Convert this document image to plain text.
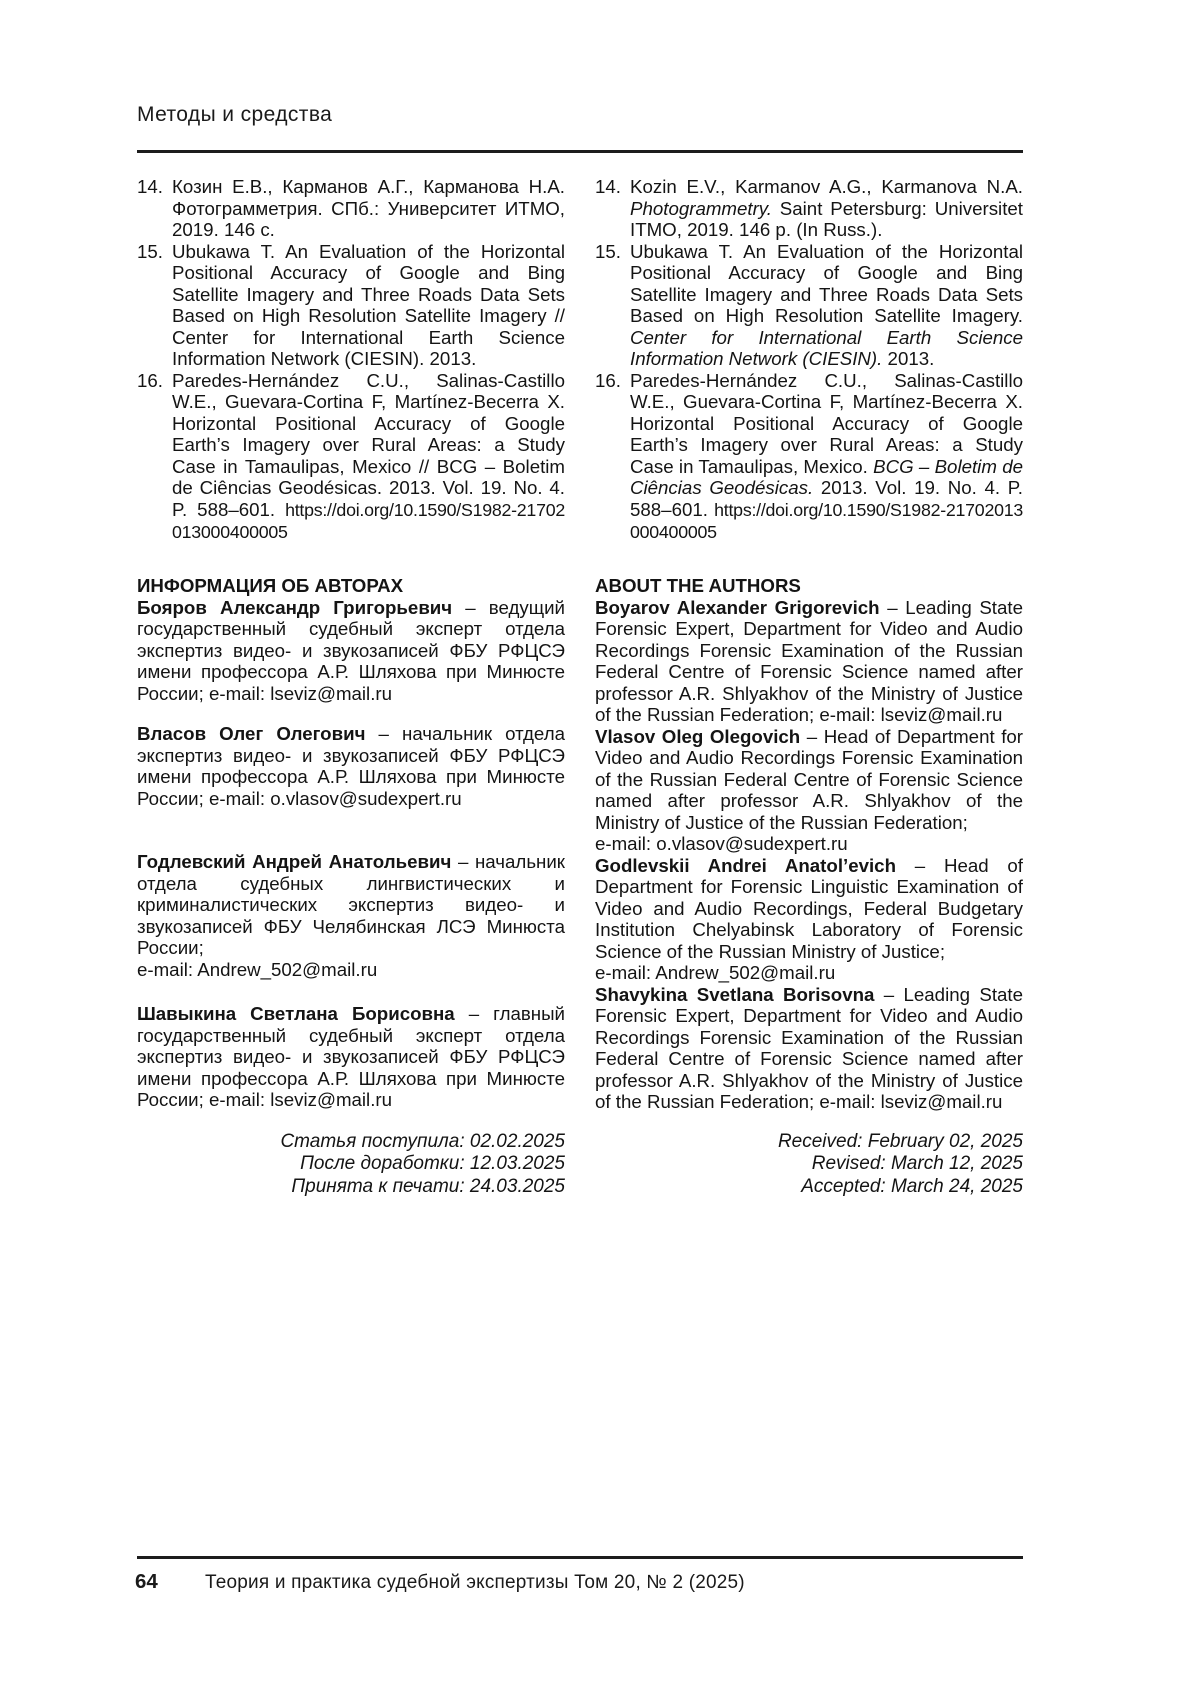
Методы и средства
14. Козин Е.В., Карманов А.Г., Карманова Н.А. Фотограмметрия. СПб.: Университет ИТМО, 2019. 146 с.
15. Ubukawa T. An Evaluation of the Horizontal Positional Accuracy of Google and Bing Satellite Imagery and Three Roads Data Sets Based on High Resolution Satellite Imagery // Center for International Earth Science Information Network (CIESIN). 2013.
16. Paredes-Hernández C.U., Salinas-Castillo W.E., Guevara-Cortina F, Martínez-Becerra X. Horizontal Positional Accuracy of Google Earth’s Imagery over Rural Areas: a Study Case in Tamaulipas, Mexico // BCG – Boletim de Ciências Geodésicas. 2013. Vol. 19. No. 4. P. 588–601. https://doi.org/10.1590/S1982-21702013000400005
14. Kozin E.V., Karmanov A.G., Karmanova N.A. Photogrammetry. Saint Petersburg: Universitet ITMO, 2019. 146 p. (In Russ.).
15. Ubukawa T. An Evaluation of the Horizontal Positional Accuracy of Google and Bing Satellite Imagery and Three Roads Data Sets Based on High Resolution Satellite Imagery. Center for International Earth Science Information Network (CIESIN). 2013.
16. Paredes-Hernández C.U., Salinas-Castillo W.E., Guevara-Cortina F, Martínez-Becerra X. Horizontal Positional Accuracy of Google Earth’s Imagery over Rural Areas: a Study Case in Tamaulipas, Mexico. BCG – Boletim de Ciências Geodésicas. 2013. Vol. 19. No. 4. P. 588–601. https://doi.org/10.1590/S1982-21702013000400005
ИНФОРМАЦИЯ ОБ АВТОРАХ
Бояров Александр Григорьевич – ведущий государственный судебный эксперт отдела экспертиз видео- и звукозаписей ФБУ РФЦСЭ имени профессора А.Р. Шляхова при Минюсте России; e-mail: lseviz@mail.ru
Власов Олег Олегович – начальник отдела экспертиз видео- и звукозаписей ФБУ РФЦСЭ имени профессора А.Р. Шляхова при Минюсте России; e-mail: o.vlasov@sudexpert.ru
Годлевский Андрей Анатольевич – начальник отдела судебных лингвистических и криминалистических экспертиз видео- и звукозаписей ФБУ Челябинская ЛСЭ Минюста России;
e-mail: Andrew_502@mail.ru
Шавыкина Светлана Борисовна – главный государственный судебный эксперт отдела экспертиз видео- и звукозаписей ФБУ РФЦСЭ имени профессора А.Р. Шляхова при Минюсте России; e-mail: lseviz@mail.ru
ABOUT THE AUTHORS
Boyarov Alexander Grigorevich – Leading State Forensic Expert, Department for Video and Audio Recordings Forensic Examination of the Russian Federal Centre of Forensic Science named after professor A.R. Shlyakhov of the Ministry of Justice of the Russian Federation; e-mail: lseviz@mail.ru
Vlasov Oleg Olegovich – Head of Department for Video and Audio Recordings Forensic Examination of the Russian Federal Centre of Forensic Science named after professor A.R. Shlyakhov of the Ministry of Justice of the Russian Federation;
e-mail: o.vlasov@sudexpert.ru
Godlevskii Andrei Anatol’evich – Head of Department for Forensic Linguistic Examination of Video and Audio Recordings, Federal Budgetary Institution Chelyabinsk Laboratory of Forensic Science of the Russian Ministry of Justice;
e-mail: Andrew_502@mail.ru
Shavykina Svetlana Borisovna – Leading State Forensic Expert, Department for Video and Audio Recordings Forensic Examination of the Russian Federal Centre of Forensic Science named after professor A.R. Shlyakhov of the Ministry of Justice of the Russian Federation; e-mail: lseviz@mail.ru
Статья поступила: 02.02.2025
После доработки: 12.03.2025
Принята к печати: 24.03.2025
Received: February 02, 2025
Revised: March 12, 2025
Accepted: March 24, 2025
64 Теория и практика судебной экспертизы Том 20, № 2 (2025)
